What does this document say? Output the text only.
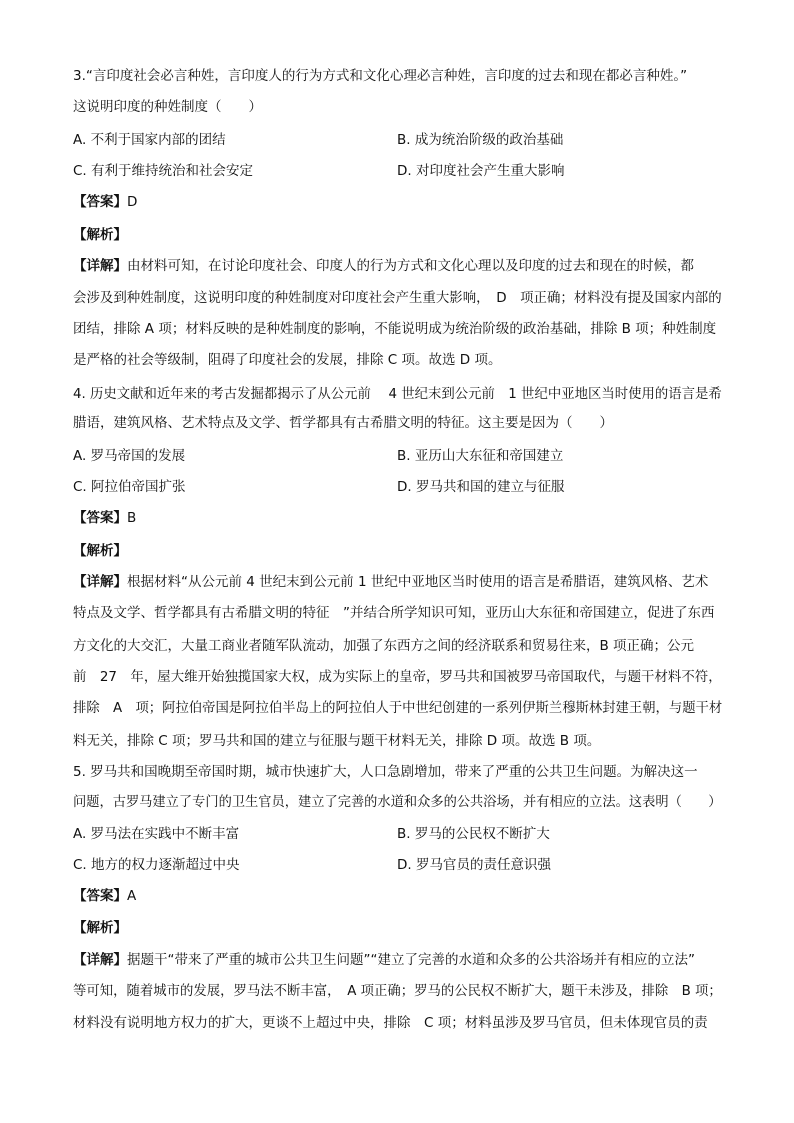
3.“言印度社会必言种姓，言印度人的行为方式和文化心理必言种姓，言印度的过去和现在都必言种姓。”
这说明印度的种姓制度（　　）
A. 不利于国家内部的团结	B. 成为统治阶级的政治基础
C. 有利于维持统治和社会安定	D. 对印度社会产生重大影响
【答案】D
【解析】
【详解】由材料可知，在讨论印度社会、印度人的行为方式和文化心理以及印度的过去和现在的时候，都
会涉及到种姓制度，这说明印度的种姓制度对印度社会产生重大影响，　D　项正确；材料没有提及国家内部的
团结，排除 A 项；材料反映的是种姓制度的影响，不能说明成为统治阶级的政治基础，排除 B 项；种姓制度
是严格的社会等级制，阻碍了印度社会的发展，排除 C 项。故选 D 项。
4. 历史文献和近年来的考古发掘都揭示了从公元前　 4 世纪末到公元前　1 世纪中亚地区当时使用的语言是希
腊语，建筑风格、艺术特点及文学、哲学都具有古希腊文明的特征。这主要是因为（　　）
A. 罗马帝国的发展	B. 亚历山大东征和帝国建立
C. 阿拉伯帝国扩张	D. 罗马共和国的建立与征服
【答案】B
【解析】
【详解】根据材料“从公元前 4 世纪末到公元前 1 世纪中亚地区当时使用的语言是希腊语，建筑风格、艺术
特点及文学、哲学都具有古希腊文明的特征　”并结合所学知识可知，亚历山大东征和帝国建立，促进了东西
方文化的大交汇，大量工商业者随军队流动，加强了东西方之间的经济联系和贸易往来，B 项正确；公元
前　27　年，屋大维开始独揽国家大权，成为实际上的皇帝，罗马共和国被罗马帝国取代，与题干材料不符，
排除　A　项；阿拉伯帝国是阿拉伯半岛上的阿拉伯人于中世纪创建的一系列伊斯兰穆斯林封建王朝，与题干材
料无关，排除 C 项；罗马共和国的建立与征服与题干材料无关，排除 D 项。故选 B 项。
5. 罗马共和国晚期至帝国时期，城市快速扩大，人口急剧增加，带来了严重的公共卫生问题。为解决这一
问题，古罗马建立了专门的卫生官员，建立了完善的水道和众多的公共浴场，并有相应的立法。这表明（　　）
A. 罗马法在实践中不断丰富	B. 罗马的公民权不断扩大
C. 地方的权力逐渐超过中央	D. 罗马官员的责任意识强
【答案】A
【解析】
【详解】据题干“带来了严重的城市公共卫生问题”“建立了完善的水道和众多的公共浴场并有相应的立法”
等可知，随着城市的发展，罗马法不断丰富，　A 项正确；罗马的公民权不断扩大，题干未涉及，排除　B 项；
材料没有说明地方权力的扩大，更谈不上超过中央，排除　C 项；材料虽涉及罗马官员，但未体现官员的责
